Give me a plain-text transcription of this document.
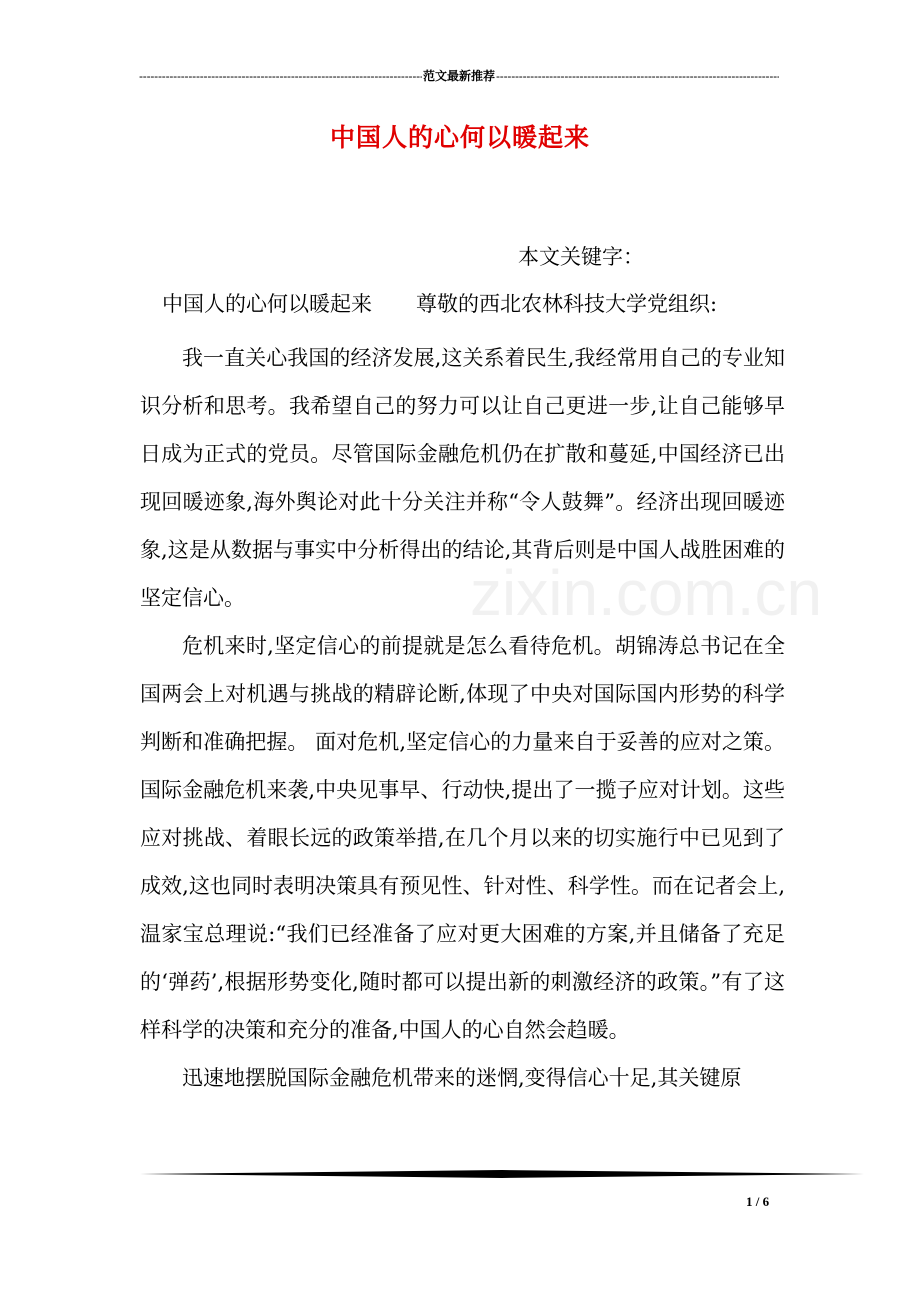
-----
范文最新推荐
-----
中国人的心何以暖起来
本文关键字：
中国人的心何以暖起来 尊敬的西北农林科技大学党组织:
zixin.com.cn

我一直关心我国的经济发展,这关系着民生,我经常用自己的专业知识分析和思考。我希望自己的努力可以让自己更进一步,让自己能够早日成为正式的党员。尽管国际金融危机仍在扩散和蔓延,中国经济已出现回暖迹象,海外舆论对此十分关注并称“令人鼓舞”。经济出现回暖迹象,这是从数据与事实中分析得出的结论,其背后则是中国人战胜困难的坚定信心。

危机来时,坚定信心的前提就是怎么看待危机。胡锦涛总书记在全国两会上对机遇与挑战的精辟论断,体现了中央对国际国内形势的科学判断和准确把握。 面对危机,坚定信心的力量来自于妥善的应对之策。国际金融危机来袭,中央见事早、行动快,提出了一揽子应对计划。这些应对挑战、着眼长远的政策举措,在几个月以来的切实施行中已见到了成效,这也同时表明决策具有预见性、针对性、科学性。而在记者会上,温家宝总理说:“我们已经准备了应对更大困难的方案,并且储备了充足的‘弹药’,根据形势变化,随时都可以提出新的刺激经济的政策。”有了这样科学的决策和充分的准备,中国人的心自然会趋暖。

迅速地摆脱国际金融危机带来的迷惘,变得信心十足,其关键原

1 / 6
